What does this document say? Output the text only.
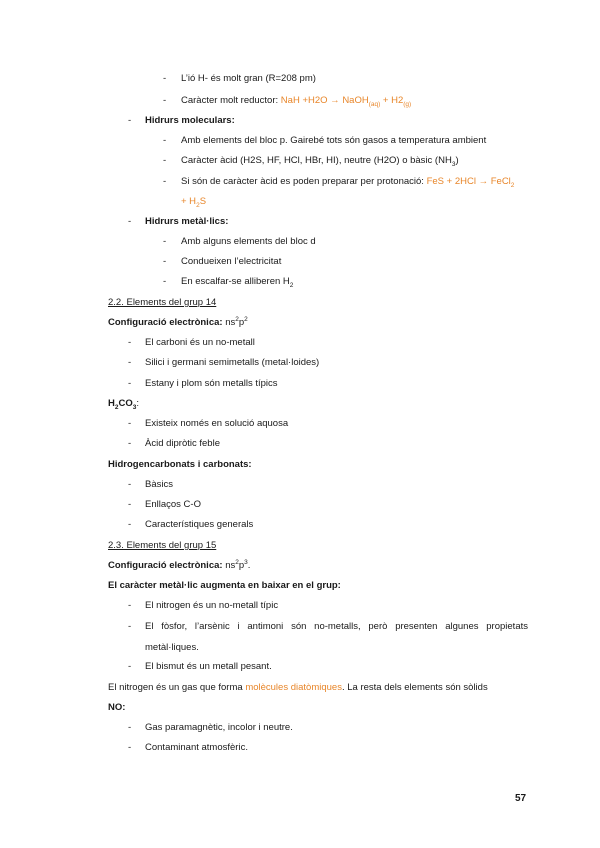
-	L’ió H- és molt gran (R=208 pm)
-	Caràcter molt reductor: NaH +H2O → NaOH$_{(aq)}$ + $H2_{(g)}$
-	Hidrurs moleculars:
-	Amb elements del bloc p. Gairebé tots són gasos a temperatura ambient
-	Caràcter àcid (H2S, HF, HCl, HBr, HI), neutre (H2O) o bàsic $(NH_3)$
-	Si són de caràcter àcid es poden preparar per protonació: FeS + 2HCl → FeCl$_2$
+ $H_2S$
-	Hidrurs metàl·lics:
-	Amb alguns elements del bloc d
-	Condueixen l’electricitat
-	En escalfar-se alliberen $H_2$
2.2. Elements del grup 14
Configuració electrònica: $ns^2p^2$
-	El carboni és un no-metall
-	Silici i germani semimetalls (metal·loides)
-	Estany i plom són metalls típics
$H_2CO_3$:
-	Existeix només en solució aquosa
-	Àcid dipròtic feble
Hidrogencarbonats i carbonats:
-	Bàsics
-	Enllaços C-O
-	Característiques generals
2.3. Elements del grup 15
Configuració electrònica: $ns^2p^3$.
El caràcter metàl·lic augmenta en baixar en el grup:
-	El nitrogen és un no-metall típic
-	El fòsfor, l’arsènic i antimoni són no-metalls, però presenten algunes propietats metàl·liques.
-	El bismut és un metall pesant.
El nitrogen és un gas que forma molècules diatòmiques. La resta dels elements són sòlids
NO:
-	Gas paramagnètic, incolor i neutre.
-	Contaminant atmosfèric.
57
